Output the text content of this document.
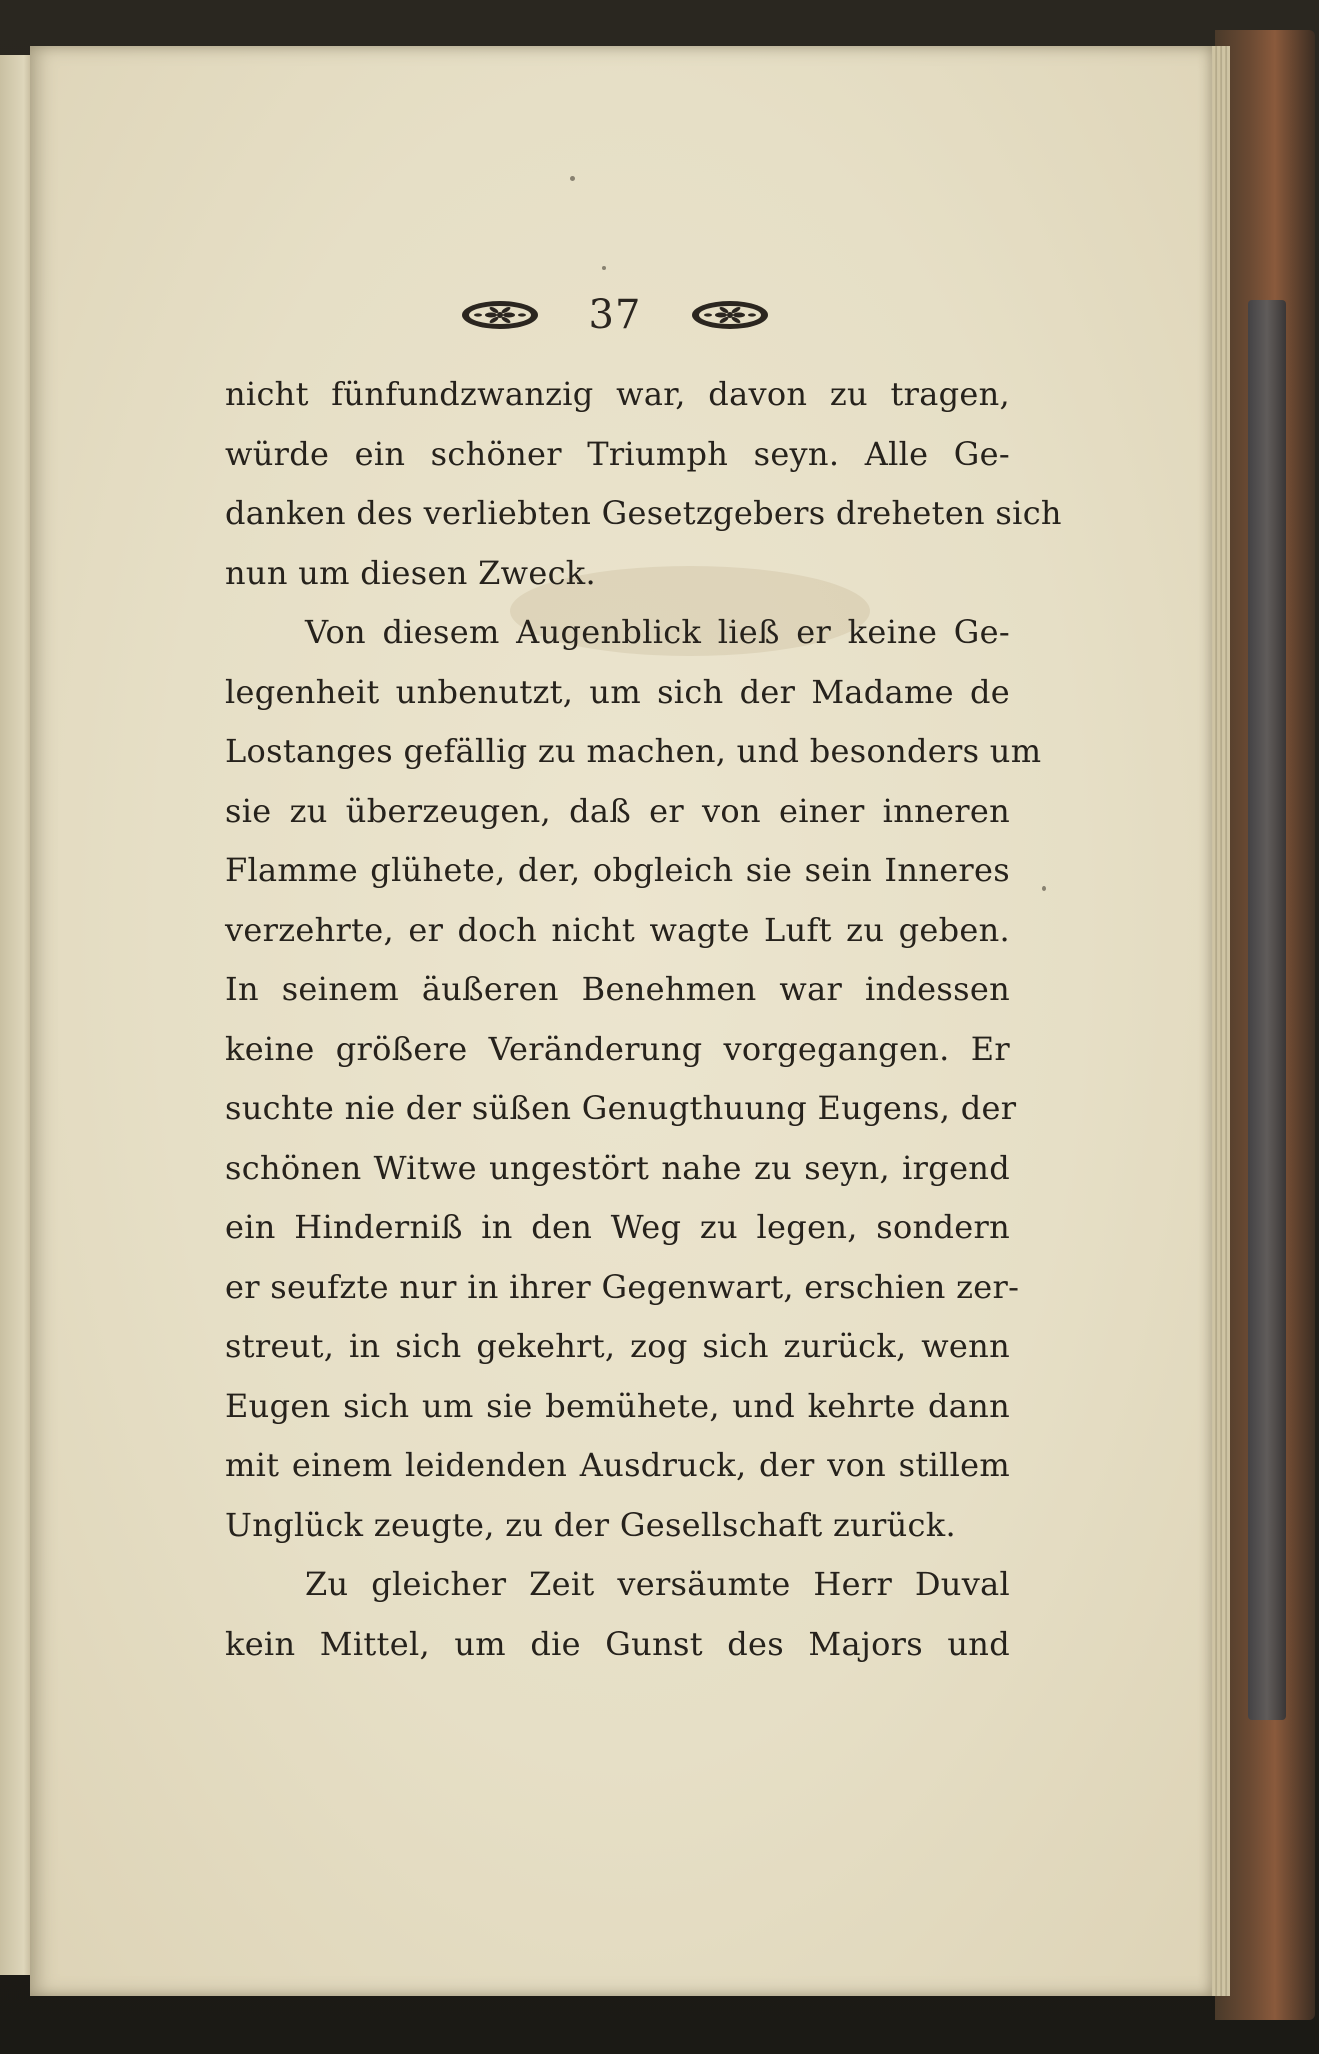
37
nicht fünfundzwanzig war, davon zu tragen,
würde ein schöner Triumph seyn. Alle Ge-
danken des verliebten Gesetzgebers dreheten sich
nun um diesen Zweck.
Von diesem Augenblick ließ er keine Ge-
legenheit unbenutzt, um sich der Madame de
Lostanges gefällig zu machen, und besonders um
sie zu überzeugen, daß er von einer inneren
Flamme glühete, der, obgleich sie sein Inneres
verzehrte, er doch nicht wagte Luft zu geben.
In seinem äußeren Benehmen war indessen
keine größere Veränderung vorgegangen. Er
suchte nie der süßen Genugthuung Eugens, der
schönen Witwe ungestört nahe zu seyn, irgend
ein Hinderniß in den Weg zu legen, sondern
er seufzte nur in ihrer Gegenwart, erschien zer-
streut, in sich gekehrt, zog sich zurück, wenn
Eugen sich um sie bemühete, und kehrte dann
mit einem leidenden Ausdruck, der von stillem
Unglück zeugte, zu der Gesellschaft zurück.
Zu gleicher Zeit versäumte Herr Duval
kein Mittel, um die Gunst des Majors und
